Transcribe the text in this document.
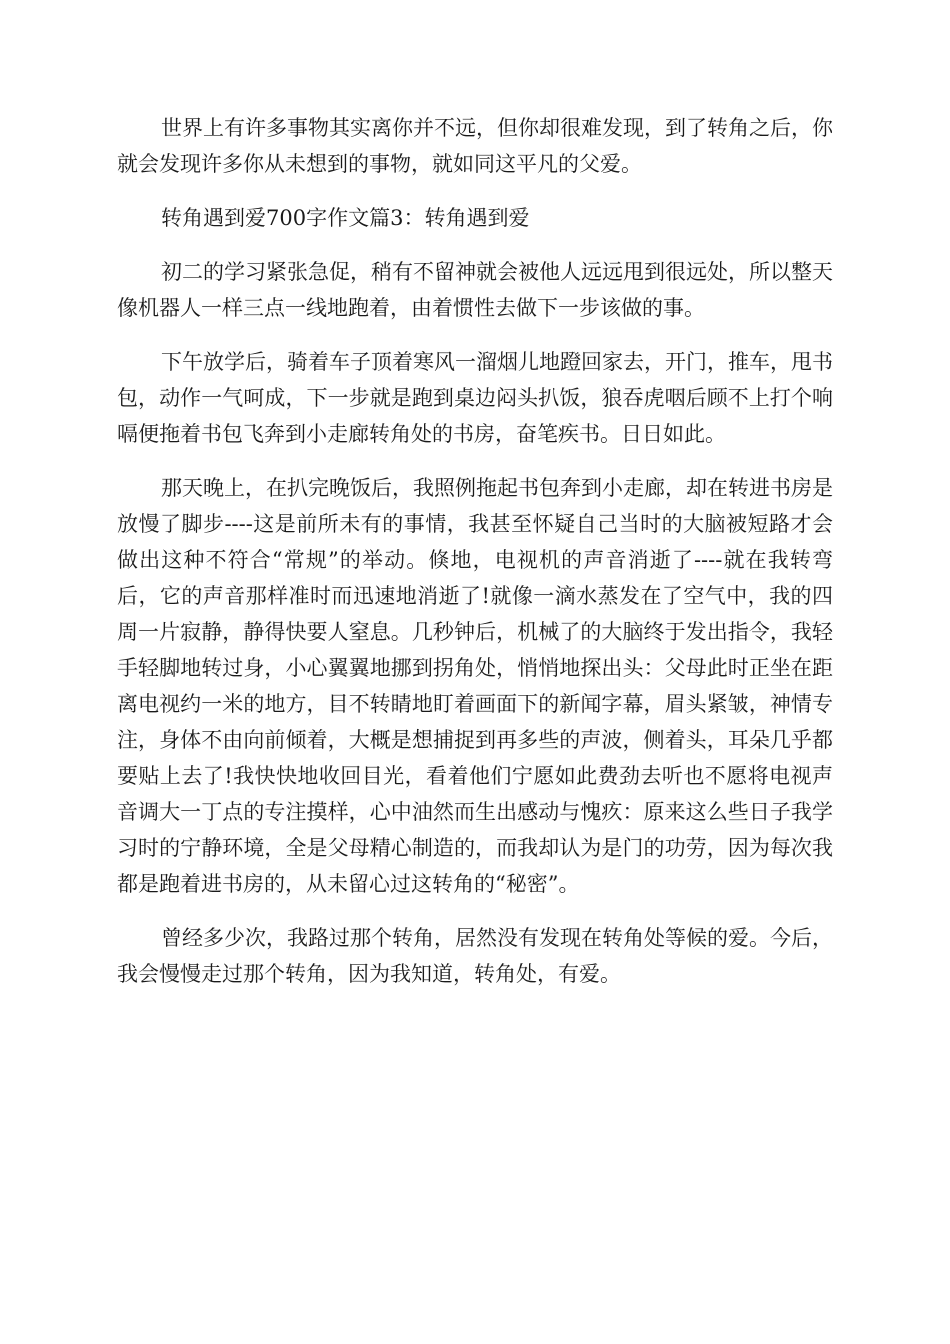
世界上有许多事物其实离你并不远，但你却很难发现，到了转角之后，你就会发现许多你从未想到的事物，就如同这平凡的父爱。

转角遇到爱700字作文篇3：转角遇到爱

初二的学习紧张急促，稍有不留神就会被他人远远甩到很远处，所以整天像机器人一样三点一线地跑着，由着惯性去做下一步该做的事。

下午放学后，骑着车子顶着寒风一溜烟儿地蹬回家去，开门，推车，甩书包，动作一气呵成，下一步就是跑到桌边闷头扒饭，狼吞虎咽后顾不上打个响嗝便拖着书包飞奔到小走廊转角处的书房，奋笔疾书。日日如此。

那天晚上，在扒完晚饭后，我照例拖起书包奔到小走廊，却在转进书房是放慢了脚步----这是前所未有的事情，我甚至怀疑自己当时的大脑被短路才会做出这种不符合“常规”的举动。倏地，电视机的声音消逝了----就在我转弯后，它的声音那样准时而迅速地消逝了!就像一滴水蒸发在了空气中，我的四周一片寂静，静得快要人窒息。几秒钟后，机械了的大脑终于发出指令，我轻手轻脚地转过身，小心翼翼地挪到拐角处，悄悄地探出头：父母此时正坐在距离电视约一米的地方，目不转睛地盯着画面下的新闻字幕，眉头紧皱，神情专注，身体不由向前倾着，大概是想捕捉到再多些的声波，侧着头，耳朵几乎都要贴上去了!我快快地收回目光，看着他们宁愿如此费劲去听也不愿将电视声音调大一丁点的专注摸样，心中油然而生出感动与愧疚：原来这么些日子我学习时的宁静环境，全是父母精心制造的，而我却认为是门的功劳，因为每次我都是跑着进书房的，从未留心过这转角的“秘密”。

曾经多少次，我路过那个转角，居然没有发现在转角处等候的爱。今后，我会慢慢走过那个转角，因为我知道，转角处，有爱。
